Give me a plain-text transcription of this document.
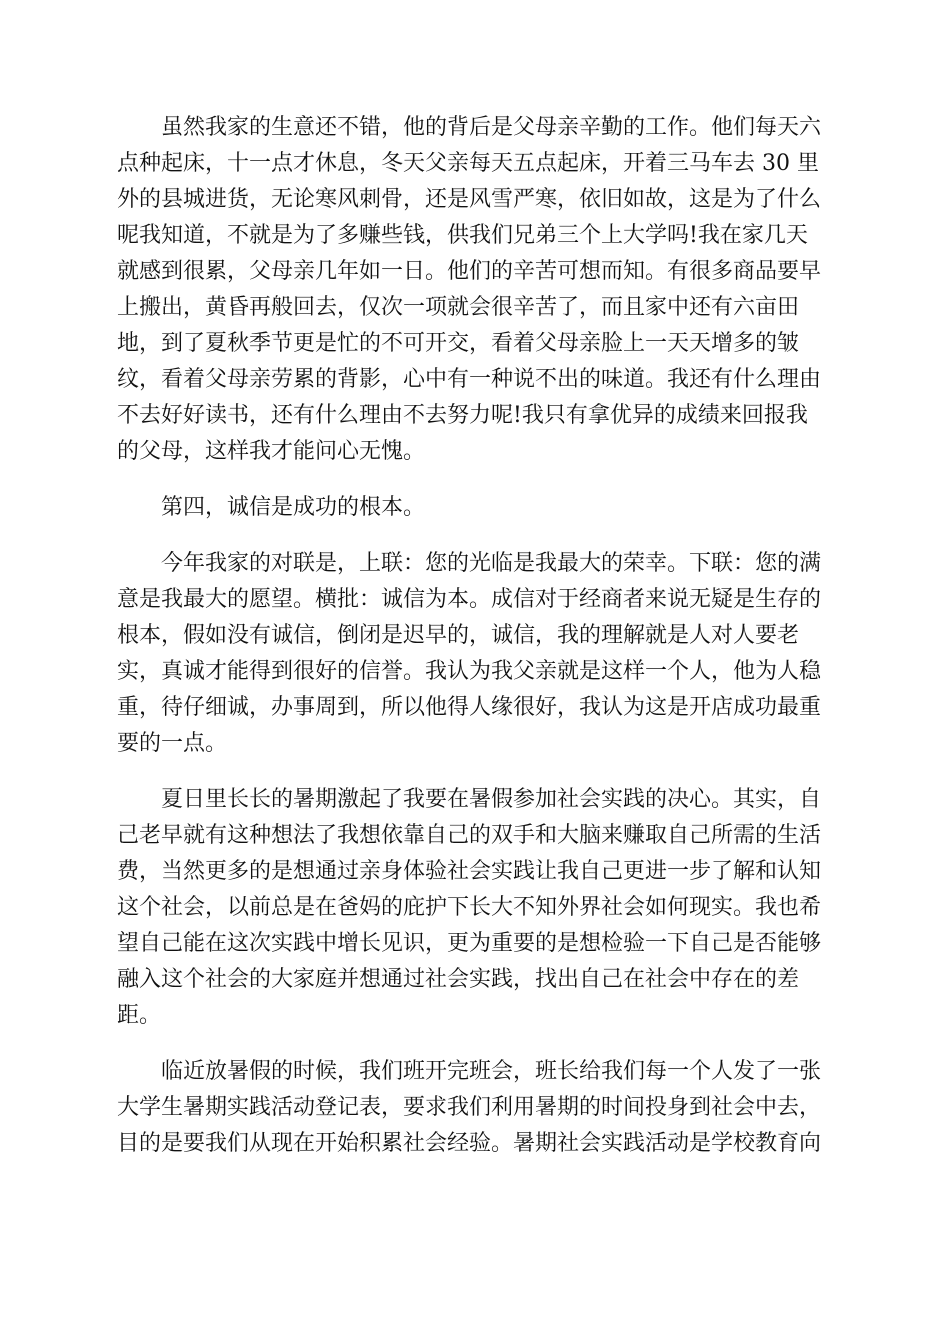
虽然我家的生意还不错，他的背后是父母亲辛勤的工作。他们每天六
点种起床，十一点才休息，冬天父亲每天五点起床，开着三马车去 30 里
外的县城进货，无论寒风刺骨，还是风雪严寒，依旧如故，这是为了什么
呢我知道，不就是为了多赚些钱，供我们兄弟三个上大学吗!我在家几天
就感到很累，父母亲几年如一日。他们的辛苦可想而知。有很多商品要早
上搬出，黄昏再般回去，仅次一项就会很辛苦了，而且家中还有六亩田
地，到了夏秋季节更是忙的不可开交，看着父母亲脸上一天天增多的皱
纹，看着父母亲劳累的背影，心中有一种说不出的味道。我还有什么理由
不去好好读书，还有什么理由不去努力呢!我只有拿优异的成绩来回报我
的父母，这样我才能问心无愧。

第四，诚信是成功的根本。

今年我家的对联是，上联：您的光临是我最大的荣幸。下联：您的满
意是我最大的愿望。横批：诚信为本。成信对于经商者来说无疑是生存的
根本，假如没有诚信，倒闭是迟早的，诚信，我的理解就是人对人要老
实，真诚才能得到很好的信誉。我认为我父亲就是这样一个人，他为人稳
重，待仔细诚，办事周到，所以他得人缘很好，我认为这是开店成功最重
要的一点。

夏日里长长的暑期激起了我要在暑假参加社会实践的决心。其实，自
己老早就有这种想法了我想依靠自己的双手和大脑来赚取自己所需的生活
费，当然更多的是想通过亲身体验社会实践让我自己更进一步了解和认知
这个社会，以前总是在爸妈的庇护下长大不知外界社会如何现实。我也希
望自己能在这次实践中增长见识，更为重要的是想检验一下自己是否能够
融入这个社会的大家庭并想通过社会实践，找出自己在社会中存在的差
距。

临近放暑假的时候，我们班开完班会，班长给我们每一个人发了一张
大学生暑期实践活动登记表，要求我们利用暑期的时间投身到社会中去，
目的是要我们从现在开始积累社会经验。暑期社会实践活动是学校教育向
